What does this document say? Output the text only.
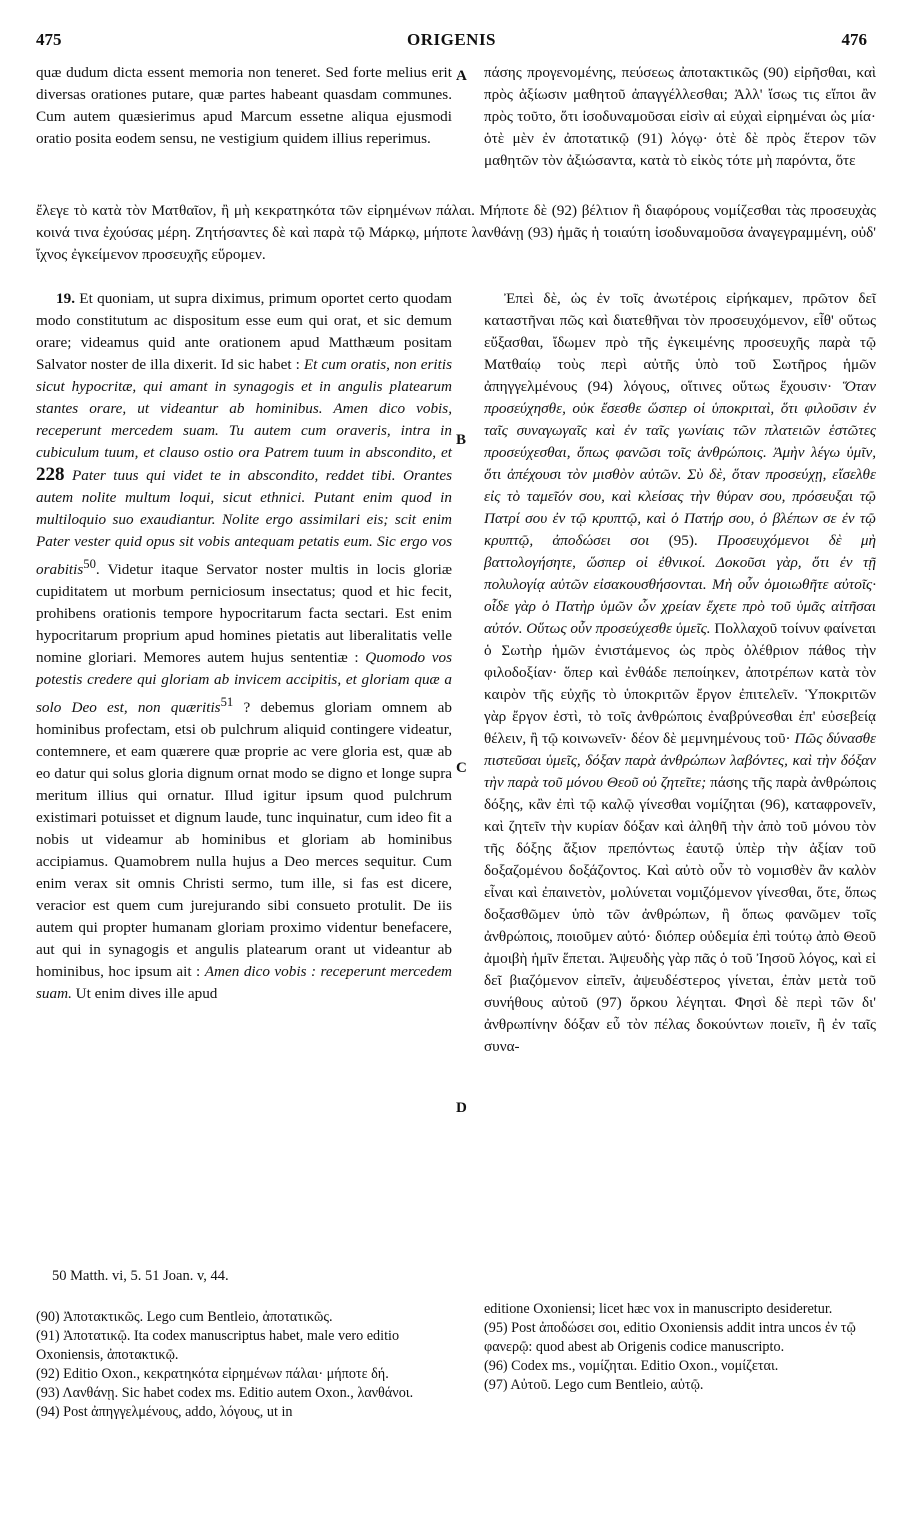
475	ORIGENIS	476

quæ dudum dicta essent memoria non teneret. Sed forte melius erit diversas orationes putare, quæ partes habeant quasdam communes. Cum autem quæsierimus apud Marcum essetne aliqua ejusmodi oratio posita eodem sensu, ne vestigium quidem illius reperimus.

A πάσης προγενομένης, πεύσεως ἀποτακτικῶς (90) εἰρῆσθαι, καὶ πρὸς ἀξίωσιν μαθητοῦ ἀπαγγέλλεσθαι; Ἀλλ' ἴσως τις εἴποι ἂν πρὸς τοῦτο, ὅτι ἰσοδυναμοῦσαι εἰσὶν αἱ εὐχαὶ εἰρημέναι ὡς μία· ὁτὲ μὲν ἐν ἀποτατικῷ (91) λόγῳ· ὁτὲ δὲ πρὸς ἕτερον τῶν μαθητῶν τὸν ἀξιώσαντα, κατὰ τὸ εἰκὸς τότε μὴ παρόντα, ὅτε

ἔλεγε τὸ κατὰ τὸν Ματθαῖον, ἢ μὴ κεκρατηκότα τῶν εἰρημένων πάλαι. Μήποτε δὲ (92) βέλτιον ἢ διαφόρους νομίζεσθαι τὰς προσευχὰς κοινά τινα ἐχούσας μέρη. Ζητήσαντες δὲ καὶ παρὰ τῷ Μάρκῳ, μήποτε λανθάνῃ (93) ἡμᾶς ἡ τοιαύτη ἰσοδυναμοῦσα ἀναγεγραμμένη, οὐδ' ἴχνος ἐγκείμενον προσευχῆς εὕρομεν.

19. Et quoniam, ut supra diximus, primum oportet certo quodam modo constitutum ac dispositum esse eum qui orat, et sic demum orare; videamus quid ante orationem apud Matthæum positam Salvator noster de illa dixerit. Id sic habet : Et cum oratis, non eritis sicut hypocritæ, qui amant in synagogis et in angulis platearum stantes orare, ut videantur ab hominibus. Amen dico vobis, receperunt mercedem suam. Tu autem cum oraveris, intra in cubiculum tuum, et clauso ostio ora Patrem tuum in abscondito, et 228 Pater tuus qui videt te in abscondito, reddet tibi. Orantes autem nolite multum loqui, sicut ethnici. Putant enim quod in multiloquio suo exaudiantur. Nolite ergo assimilari eis; scit enim Pater vester quid opus sit vobis antequam petatis eum. Sic ergo vos orabitis$^{50}$. Videtur itaque Servator noster multis in locis gloriæ cupiditatem ut morbum perniciosum insectatus; quod et hic fecit, prohibens orationis tempore hypocritarum facta sectari. Est enim hypocritarum proprium apud homines pietatis aut liberalitatis velle nomine gloriari. Memores autem hujus sententiæ : Quomodo vos potestis credere qui gloriam ab invicem accipitis, et gloriam quæ a solo Deo est, non quæritis$^{51}$ ? debemus gloriam omnem ab hominibus profectam, etsi ob pulchrum aliquid contingere videatur, contemnere, et eam quærere quæ proprie ac vere gloria est, quæ ab eo datur qui solus gloria dignum ornat modo se digno et longe supra meritum illius qui ornatur. Illud igitur ipsum quod pulchrum existimari potuisset et dignum laude, tunc inquinatur, cum ideo fit a nobis ut videamur ab hominibus et gloriam ab hominibus accipiamus. Quamobrem nulla hujus a Deo merces sequitur. Cum enim verax sit omnis Christi sermo, tum ille, si fas est dicere, veracior est quem cum jurejurando sibi consueto protulit. De iis autem qui propter humanam gloriam proximo videntur benefacere, aut qui in synagogis et angulis platearum orant ut videantur ab hominibus, hoc ipsum ait : Amen dico vobis : receperunt mercedem suam. Ut enim dives ille apud

B
C
D

Ἐπεὶ δὲ, ὡς ἐν τοῖς ἀνωτέροις εἰρήκαμεν, πρῶτον δεῖ καταστῆναι πῶς καὶ διατεθῆναι τὸν προσευχόμενον, εἶθ' οὕτως εὔξασθαι, ἴδωμεν πρὸ τῆς ἐγκειμένης προσευχῆς παρὰ τῷ Ματθαίῳ τοὺς περὶ αὐτῆς ὑπὸ τοῦ Σωτῆρος ἡμῶν ἀπηγγελμένους (94) λόγους, οἵτινες οὕτως ἔχουσιν· Ὅταν προσεύχησθε, οὐκ ἔσεσθε ὥσπερ οἱ ὑποκριταὶ, ὅτι φιλοῦσιν ἐν ταῖς συναγωγαῖς καὶ ἐν ταῖς γωνίαις τῶν πλατειῶν ἑστῶτες προσεύχεσθαι, ὅπως φανῶσι τοῖς ἀνθρώποις. Ἀμὴν λέγω ὑμῖν, ὅτι ἀπέχουσι τὸν μισθὸν αὐτῶν. Σὺ δὲ, ὅταν προσεύχῃ, εἴσελθε εἰς τὸ ταμεῖόν σου, καὶ κλείσας τὴν θύραν σου, πρόσευξαι τῷ Πατρί σου ἐν τῷ κρυπτῷ, καὶ ὁ Πατήρ σου, ὁ βλέπων σε ἐν τῷ κρυπτῷ, ἀποδώσει σοι (95). Προσευχόμενοι δὲ μὴ βαττολογήσητε, ὥσπερ οἱ ἐθνικοί. Δοκοῦσι γὰρ, ὅτι ἐν τῇ πολυλογίᾳ αὐτῶν εἰσακουσθήσονται. Μὴ οὖν ὁμοιωθῆτε αὐτοῖς· οἶδε γὰρ ὁ Πατὴρ ὑμῶν ὧν χρείαν ἔχετε πρὸ τοῦ ὑμᾶς αἰτῆσαι αὐτόν. Οὕτως οὖν προσεύχεσθε ὑμεῖς. Πολλαχοῦ τοίνυν φαίνεται ὁ Σωτὴρ ἡμῶν ἐνιστάμενος ὡς πρὸς ὀλέθριον πάθος τὴν φιλοδοξίαν· ὅπερ καὶ ἐνθάδε πεποίηκεν, ἀποτρέπων κατὰ τὸν καιρὸν τῆς εὐχῆς τὸ ὑποκριτῶν ἔργον ἐπιτελεῖν. Ὑποκριτῶν γὰρ ἔργον ἐστὶ, τὸ τοῖς ἀνθρώποις ἐναβρύνεσθαι ἐπ' εὐσεβείᾳ θέλειν, ἢ τῷ κοινωνεῖν· δέον δὲ μεμνημένους τοῦ· Πῶς δύνασθε πιστεῦσαι ὑμεῖς, δόξαν παρὰ ἀνθρώπων λαβόντες, καὶ τὴν δόξαν τὴν παρὰ τοῦ μόνου Θεοῦ οὐ ζητεῖτε; πάσης τῆς παρὰ ἀνθρώποις δόξης, κἂν ἐπὶ τῷ καλῷ γίνεσθαι νομίζηται (96), καταφρονεῖν, καὶ ζητεῖν τὴν κυρίαν δόξαν καὶ ἀληθῆ τὴν ἀπὸ τοῦ μόνου τὸν τῆς δόξης ἄξιον πρεπόντως ἑαυτῷ ὑπὲρ τὴν ἀξίαν τοῦ δοξαζομένου δοξάζοντος. Καὶ αὐτὸ οὖν τὸ νομισθὲν ἂν καλὸν εἶναι καὶ ἐπαινετὸν, μολύνεται νομιζόμενον γίνεσθαι, ὅτε, ὅπως δοξασθῶμεν ὑπὸ τῶν ἀνθρώπων, ἢ ὅπως φανῶμεν τοῖς ἀνθρώποις, ποιοῦμεν αὐτό· διόπερ οὐδεμία ἐπὶ τούτῳ ἀπὸ Θεοῦ ἀμοιβὴ ἡμῖν ἕπεται. Ἀψευδὴς γὰρ πᾶς ὁ τοῦ Ἰησοῦ λόγος, καὶ εἰ δεῖ βιαζόμενον εἰπεῖν, ἀψευδέστερος γίνεται, ἐπὰν μετὰ τοῦ συνήθους αὐτοῦ (97) ὅρκου λέγηται. Φησὶ δὲ περὶ τῶν δι' ἀνθρωπίνην δόξαν εὖ τὸν πέλας δοκούντων ποιεῖν, ἢ ἐν ταῖς συνα-

50 Matth. vi, 5. 51 Joan. v, 44.

(90) Ἀποτακτικῶς. Lego cum Bentleio, ἀποτατικῶς.

(91) Ἀποτατικῷ. Ita codex manuscriptus habet, male vero editio Oxoniensis, ἀποτακτικῷ.

(92) Editio Oxon., κεκρατηκότα εἰρημένων πάλαι· μήποτε δή.

(93) Λανθάνῃ. Sic habet codex ms. Editio autem Oxon., λανθάνοι.

(94) Post ἀπηγγελμένους, addo, λόγους, ut in

editione Oxoniensi; licet hæc vox in manuscripto desideretur.

(95) Post ἀποδώσει σοι, editio Oxoniensis addit intra uncos ἐν τῷ φανερῷ: quod abest ab Origenis codice manuscripto.

(96) Codex ms., νομίζηται. Editio Oxon., νομίζεται.

(97) Αὐτοῦ. Lego cum Bentleio, αὑτῷ.
